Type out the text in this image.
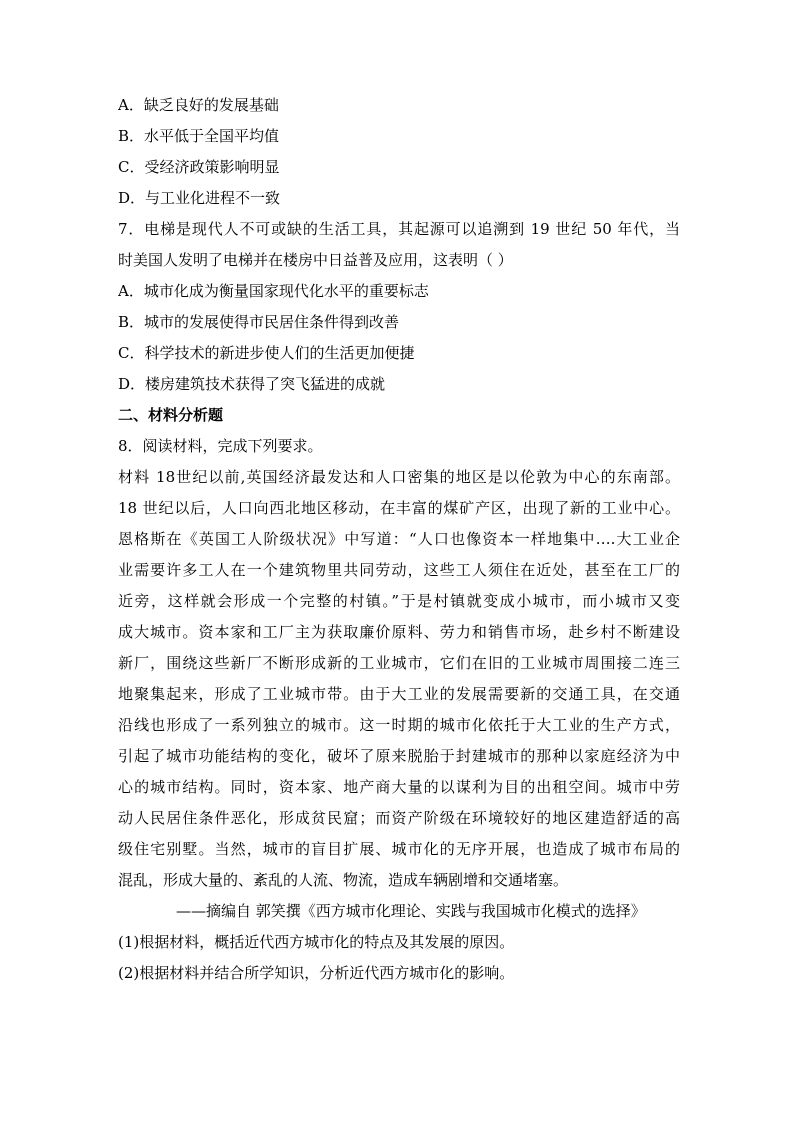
A．缺乏良好的发展基础
B．水平低于全国平均值
C．受经济政策影响明显
D．与工业化进程不一致
7．电梯是现代人不可或缺的生活工具，其起源可以追溯到 19 世纪 50 年代，当
时美国人发明了电梯并在楼房中日益普及应用，这表明（ ）
A．城市化成为衡量国家现代化水平的重要标志
B．城市的发展使得市民居住条件得到改善
C．科学技术的新进步使人们的生活更加便捷
D．楼房建筑技术获得了突飞猛进的成就
二、材料分析题
8．阅读材料，完成下列要求。
材料 18世纪以前,英国经济最发达和人口密集的地区是以伦敦为中心的东南部。
18 世纪以后，人口向西北地区移动，在丰富的煤矿产区，出现了新的工业中心。
恩格斯在《英国工人阶级状况》中写道：“人口也像资本一样地集中….大工业企
业需要许多工人在一个建筑物里共同劳动，这些工人须住在近处，甚至在工厂的
近旁，这样就会形成一个完整的村镇。”于是村镇就变成小城市，而小城市又变
成大城市。资本家和工厂主为获取廉价原料、劳力和销售市场，赴乡村不断建设
新厂，围绕这些新厂不断形成新的工业城市，它们在旧的工业城市周围接二连三
地聚集起来，形成了工业城市带。由于大工业的发展需要新的交通工具，在交通
沿线也形成了一系列独立的城市。这一时期的城市化依托于大工业的生产方式，
引起了城市功能结构的变化，破坏了原来脱胎于封建城市的那种以家庭经济为中
心的城市结构。同时，资本家、地产商大量的以谋利为目的出租空间。城市中劳
动人民居住条件恶化，形成贫民窟；而资产阶级在环境较好的地区建造舒适的高
级住宅别墅。当然，城市的盲目扩展、城市化的无序开展，也造成了城市布局的
混乱，形成大量的、紊乱的人流、物流，造成车辆剧增和交通堵塞。
——摘编自 郭笑撰《西方城市化理论、实践与我国城市化模式的选择》
(1)根据材料，概括近代西方城市化的特点及其发展的原因。
(2)根据材料并结合所学知识，分析近代西方城市化的影响。
